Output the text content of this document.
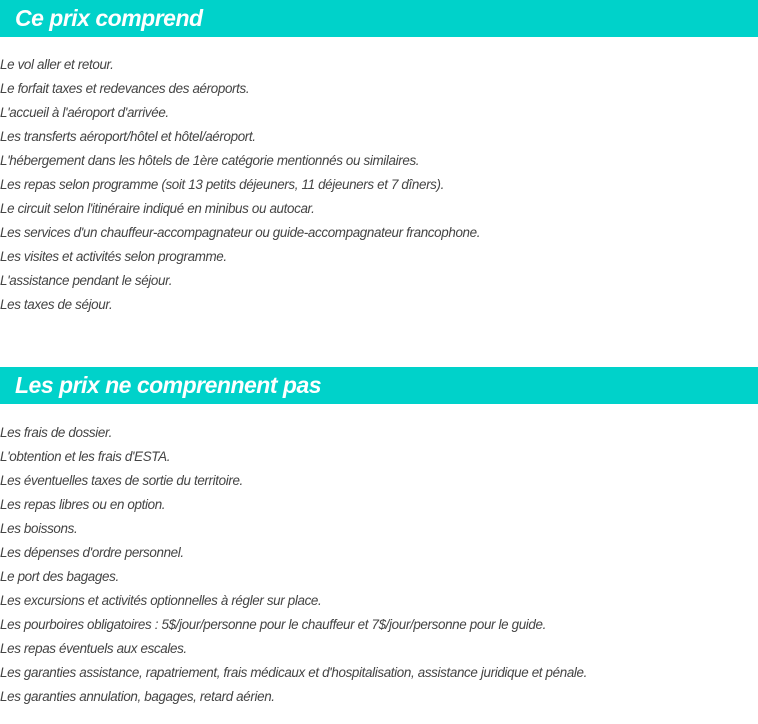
Ce prix comprend
Le vol aller et retour.
Le forfait taxes et redevances des aéroports.
L'accueil à l'aéroport d'arrivée.
Les transferts aéroport/hôtel et hôtel/aéroport.
L'hébergement dans les hôtels de 1ère catégorie mentionnés ou similaires.
Les repas selon programme (soit 13 petits déjeuners, 11 déjeuners et 7 dîners).
Le circuit selon l'itinéraire indiqué en minibus ou autocar.
Les services d'un chauffeur-accompagnateur ou guide-accompagnateur francophone.
Les visites et activités selon programme.
L'assistance pendant le séjour.
Les taxes de séjour.
Les prix ne comprennent pas
Les frais de dossier.
L'obtention et les frais d'ESTA.
Les éventuelles taxes de sortie du territoire.
Les repas libres ou en option.
Les boissons.
Les dépenses d'ordre personnel.
Le port des bagages.
Les excursions et activités optionnelles à régler sur place.
Les pourboires obligatoires : 5$/jour/personne pour le chauffeur et 7$/jour/personne pour le guide.
Les repas éventuels aux escales.
Les garanties assistance, rapatriement, frais médicaux et d'hospitalisation, assistance juridique et pénale.
Les garanties annulation, bagages, retard aérien.
